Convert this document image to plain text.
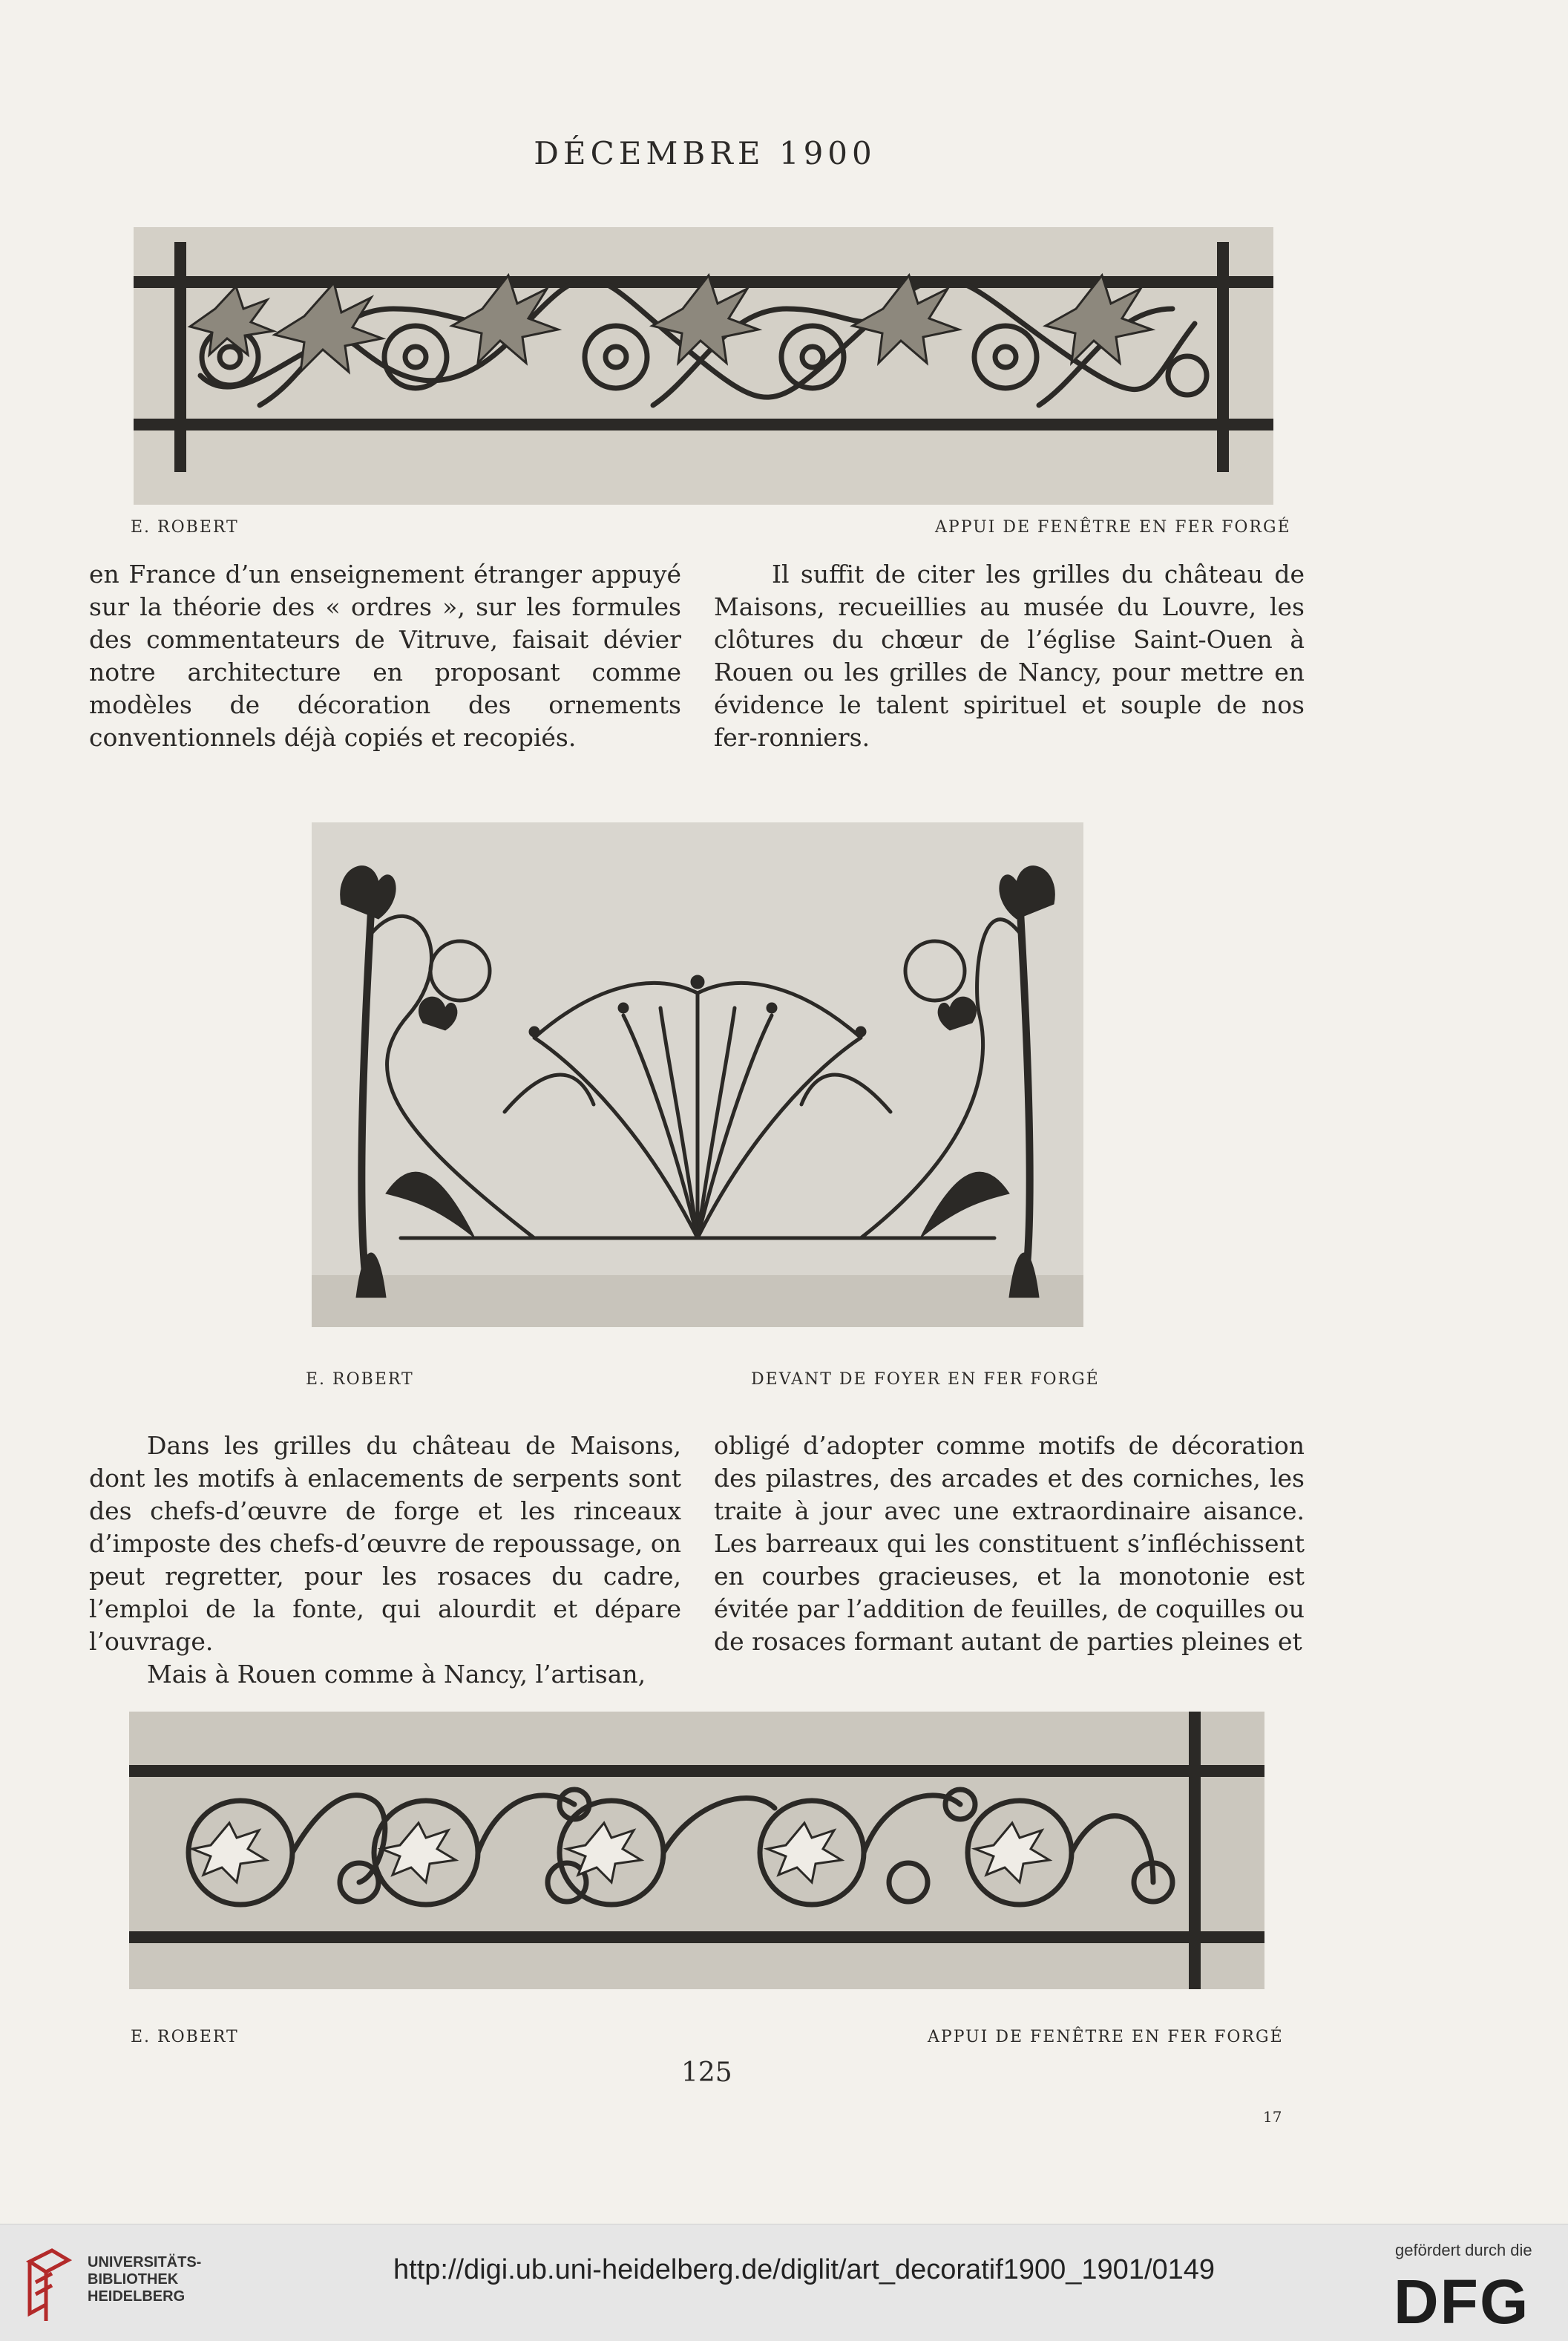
DÉCEMBRE 1900
E. ROBERT	APPUI DE FENÊTRE EN FER FORGÉ

en France d’un enseignement étranger appuyé sur la théorie des « ordres », sur les formules des commentateurs de Vitruve, faisait dévier notre architecture en proposant comme modèles de décoration des ornements conventionnels déjà copiés et recopiés.

Il suffit de citer les grilles du château de Maisons, recueillies au musée du Louvre, les clôtures du chœur de l’église Saint-Ouen à Rouen ou les grilles de Nancy, pour mettre en évidence le talent spirituel et souple de nos fer-ronniers.

E. ROBERT	DEVANT DE FOYER EN FER FORGÉ

Dans les grilles du château de Maisons, dont les motifs à enlacements de serpents sont des chefs-d’œuvre de forge et les rinceaux d’imposte des chefs-d’œuvre de repoussage, on peut regretter, pour les rosaces du cadre, l’emploi de la fonte, qui alourdit et dépare l’ouvrage.

Mais à Rouen comme à Nancy, l’artisan,

obligé d’adopter comme motifs de décoration des pilastres, des arcades et des corniches, les traite à jour avec une extraordinaire aisance. Les barreaux qui les constituent s’infléchissent en courbes gracieuses, et la monotonie est évitée par l’addition de feuilles, de coquilles ou de rosaces formant autant de parties pleines et

E. ROBERT	APPUI DE FENÊTRE EN FER FORGÉ
125
17
UNIVERSITÄTS-
BIBLIOTHEK
HEIDELBERG
http://digi.ub.uni-heidelberg.de/diglit/art_decoratif1900_1901/0149
gefördert durch die
DFG
